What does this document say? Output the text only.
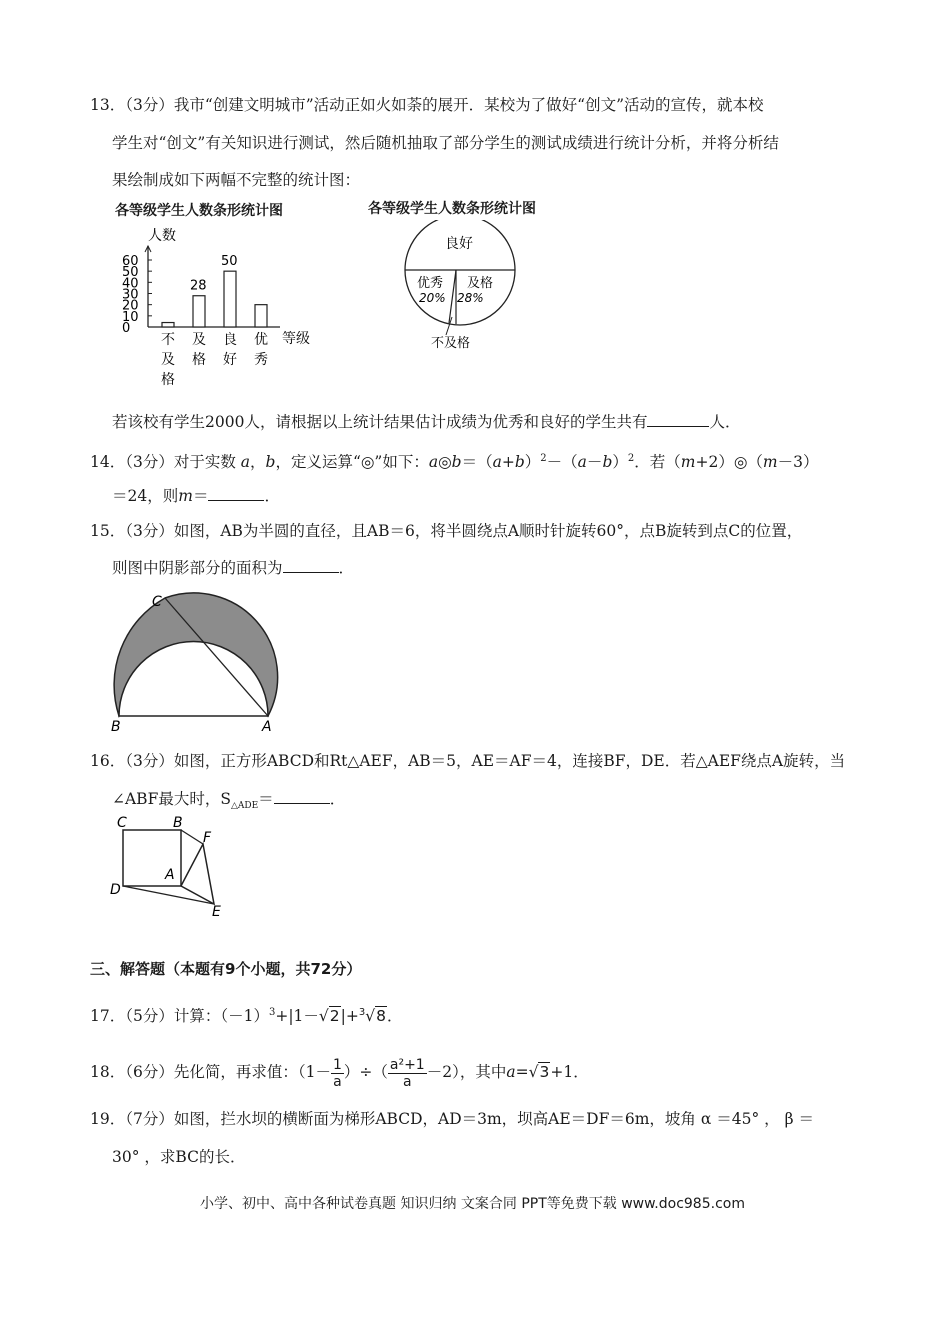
13．（3分）我市“创建文明城市”活动正如火如荼的展开．某校为了做好“创文”活动的宣传，就本校
学生对“创文”有关知识进行测试，然后随机抽取了部分学生的测试成绩进行统计分析，并将分析结
果绘制成如下两幅不完整的统计图：
各等级学生人数条形统计图	各等级学生人数条形统计图
人数
等级
60
50
40
30
20
10
0
28
50
不
及
格
及
格
良
好
优
秀
良好
优秀
20%
及格
28%
不及格
若该校有学生2000人，请根据以上统计结果估计成绩为优秀和良好的学生共有	人．
14．（3分）对于实数 a，b，定义运算“◎”如下：$a◎b=(a+b)^2-(a-b)^2$．若（m+2）◎（m－3）
＝24，则m＝	．
15．（3分）如图，AB为半圆的直径，且AB＝6，将半圆绕点A顺时针旋转60°，点B旋转到点C的位置，
则图中阴影部分的面积为	．
C
B	A
16．（3分）如图，正方形ABCD和Rt△AEF，AB＝5，AE＝AF＝4，连接BF，DE．若△AEF绕点A旋转，当
∠ABF最大时，$S_{\triangle ADE}=$	．
C	B
F
A
D
E
三、解答题（本题有9个小题，共72分）
17．（5分）计算：$(-1)^3+|1-√2|+^3√8$．
18．（6分）先化简，再求值：（$1- \frac{1}{a}$ ）÷（ $\frac{\text{a²+1}}{a} -2$），其中a=√3+1．
19．（7分）如图，拦水坝的横断面为梯形ABCD，AD＝3m，坝高AE＝DF＝6m，坡角 α ＝45° ， β ＝
30° ，求BC的长．
小学、初中、高中各种试卷真题 知识归纳 文案合同 PPT等免费下载 www.doc985.com
